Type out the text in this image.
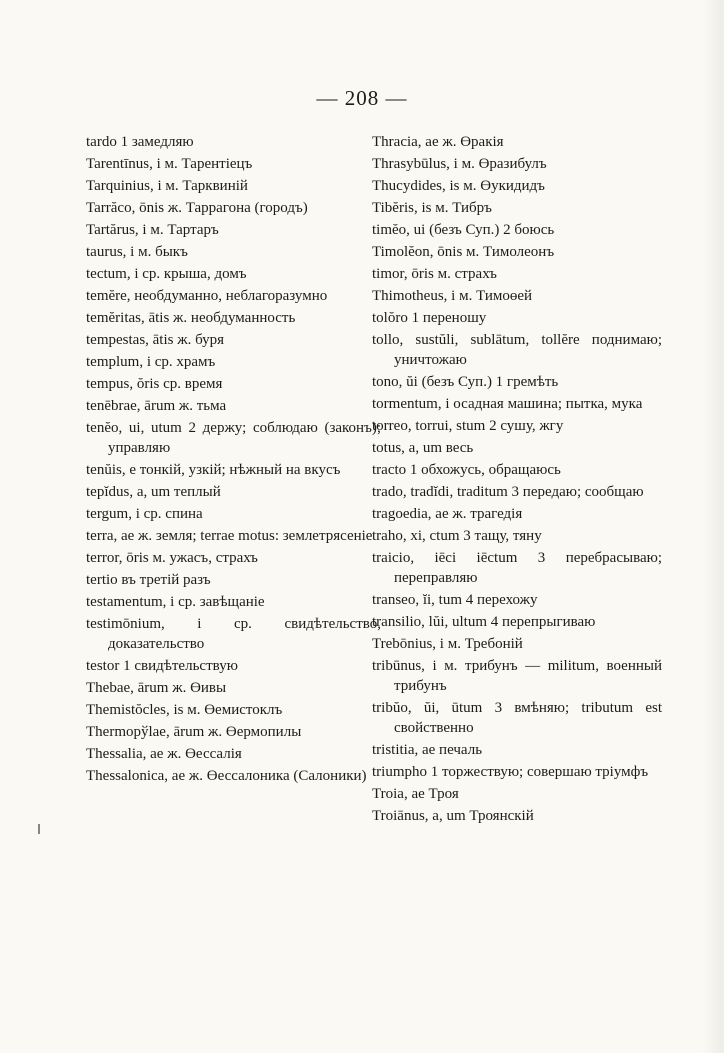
— 208 —
tardo 1 замедляю
Tarentīnus, i м. Тарентiецъ
Tarquinius, i м. Тарквинiй
Tarrăco, ōnis ж. Таррагона (городъ)
Tartărus, i м. Тартаръ
taurus, i м. быкъ
tectum, i ср. крыша, домъ
temĕre, необдуманно, неблагоразумно
temĕritas, ātis ж. необдуманность
tempestas, ātis ж. буря
templum, i ср. храмъ
tempus, ŏris ср. время
tenēbrae, ārum ж. тьма
tenĕo, ui, utum 2 держу; соблюдаю (законъ); управляю
tenŭis, e тонкiй, узкiй; нѣжный на вкусъ
tepĭdus, a, um теплый
tergum, i ср. спина
terra, ae ж. земля; terrae motus: землетрясенiе
terror, ōris м. ужасъ, страхъ
tertio въ третiй разъ
testamentum, i ср. завѣщанiе
testimōnium, i ср. свидѣтельство, доказательство
testor 1 свидѣтельствую
Thebae, ārum ж. Өивы
Themistŏcles, is м. Өемистоклъ
Thermopўlae, ārum ж. Өермопилы
Thessalia, ae ж. Өессалiя
Thessalonica, ae ж. Өессалоника (Салоники)
Thracia, ae ж. Өракiя
Thrasybūlus, i м. Өразибулъ
Thucydides, is м. Өукидидъ
Tibĕris, is м. Тибръ
timĕo, ui (безъ Суп.) 2 боюсь
Timolĕon, ōnis м. Тимолеонъ
timor, ōris м. страхъ
Thimotheus, i м. Тимоөей
tolŏro 1 переношу
tollo, sustŭli, sublātum, tollĕre поднимаю; уничтожаю
tono, ŭi (безъ Суп.) 1 гремѣть
tormentum, i осадная машина; пытка, мука
torreo, torrui, stum 2 сушу, жгу
totus, a, um весь
tracto 1 обхожусь, обращаюсь
trado, tradĭdi, traditum 3 передаю; сообщаю
tragoedia, ae ж. трагедiя
traho, xi, ctum 3 тащу, тяну
traicio, iēci iēctum 3 перебрасываю; переправляю
transeo, ĭi, tum 4 перехожу
transilio, lŭi, ultum 4 перепрыгиваю
Trebōnius, i м. Требонiй
tribūnus, i м. трибунъ — militum, военный трибунъ
tribŭo, ŭi, ūtum 3 вмѣняю; tributum est свойственно
tristitia, ae печаль
triumpho 1 торжествую; совершаю трiумфъ
Troia, ae Троя
Troiānus, a, um Троянскiй
